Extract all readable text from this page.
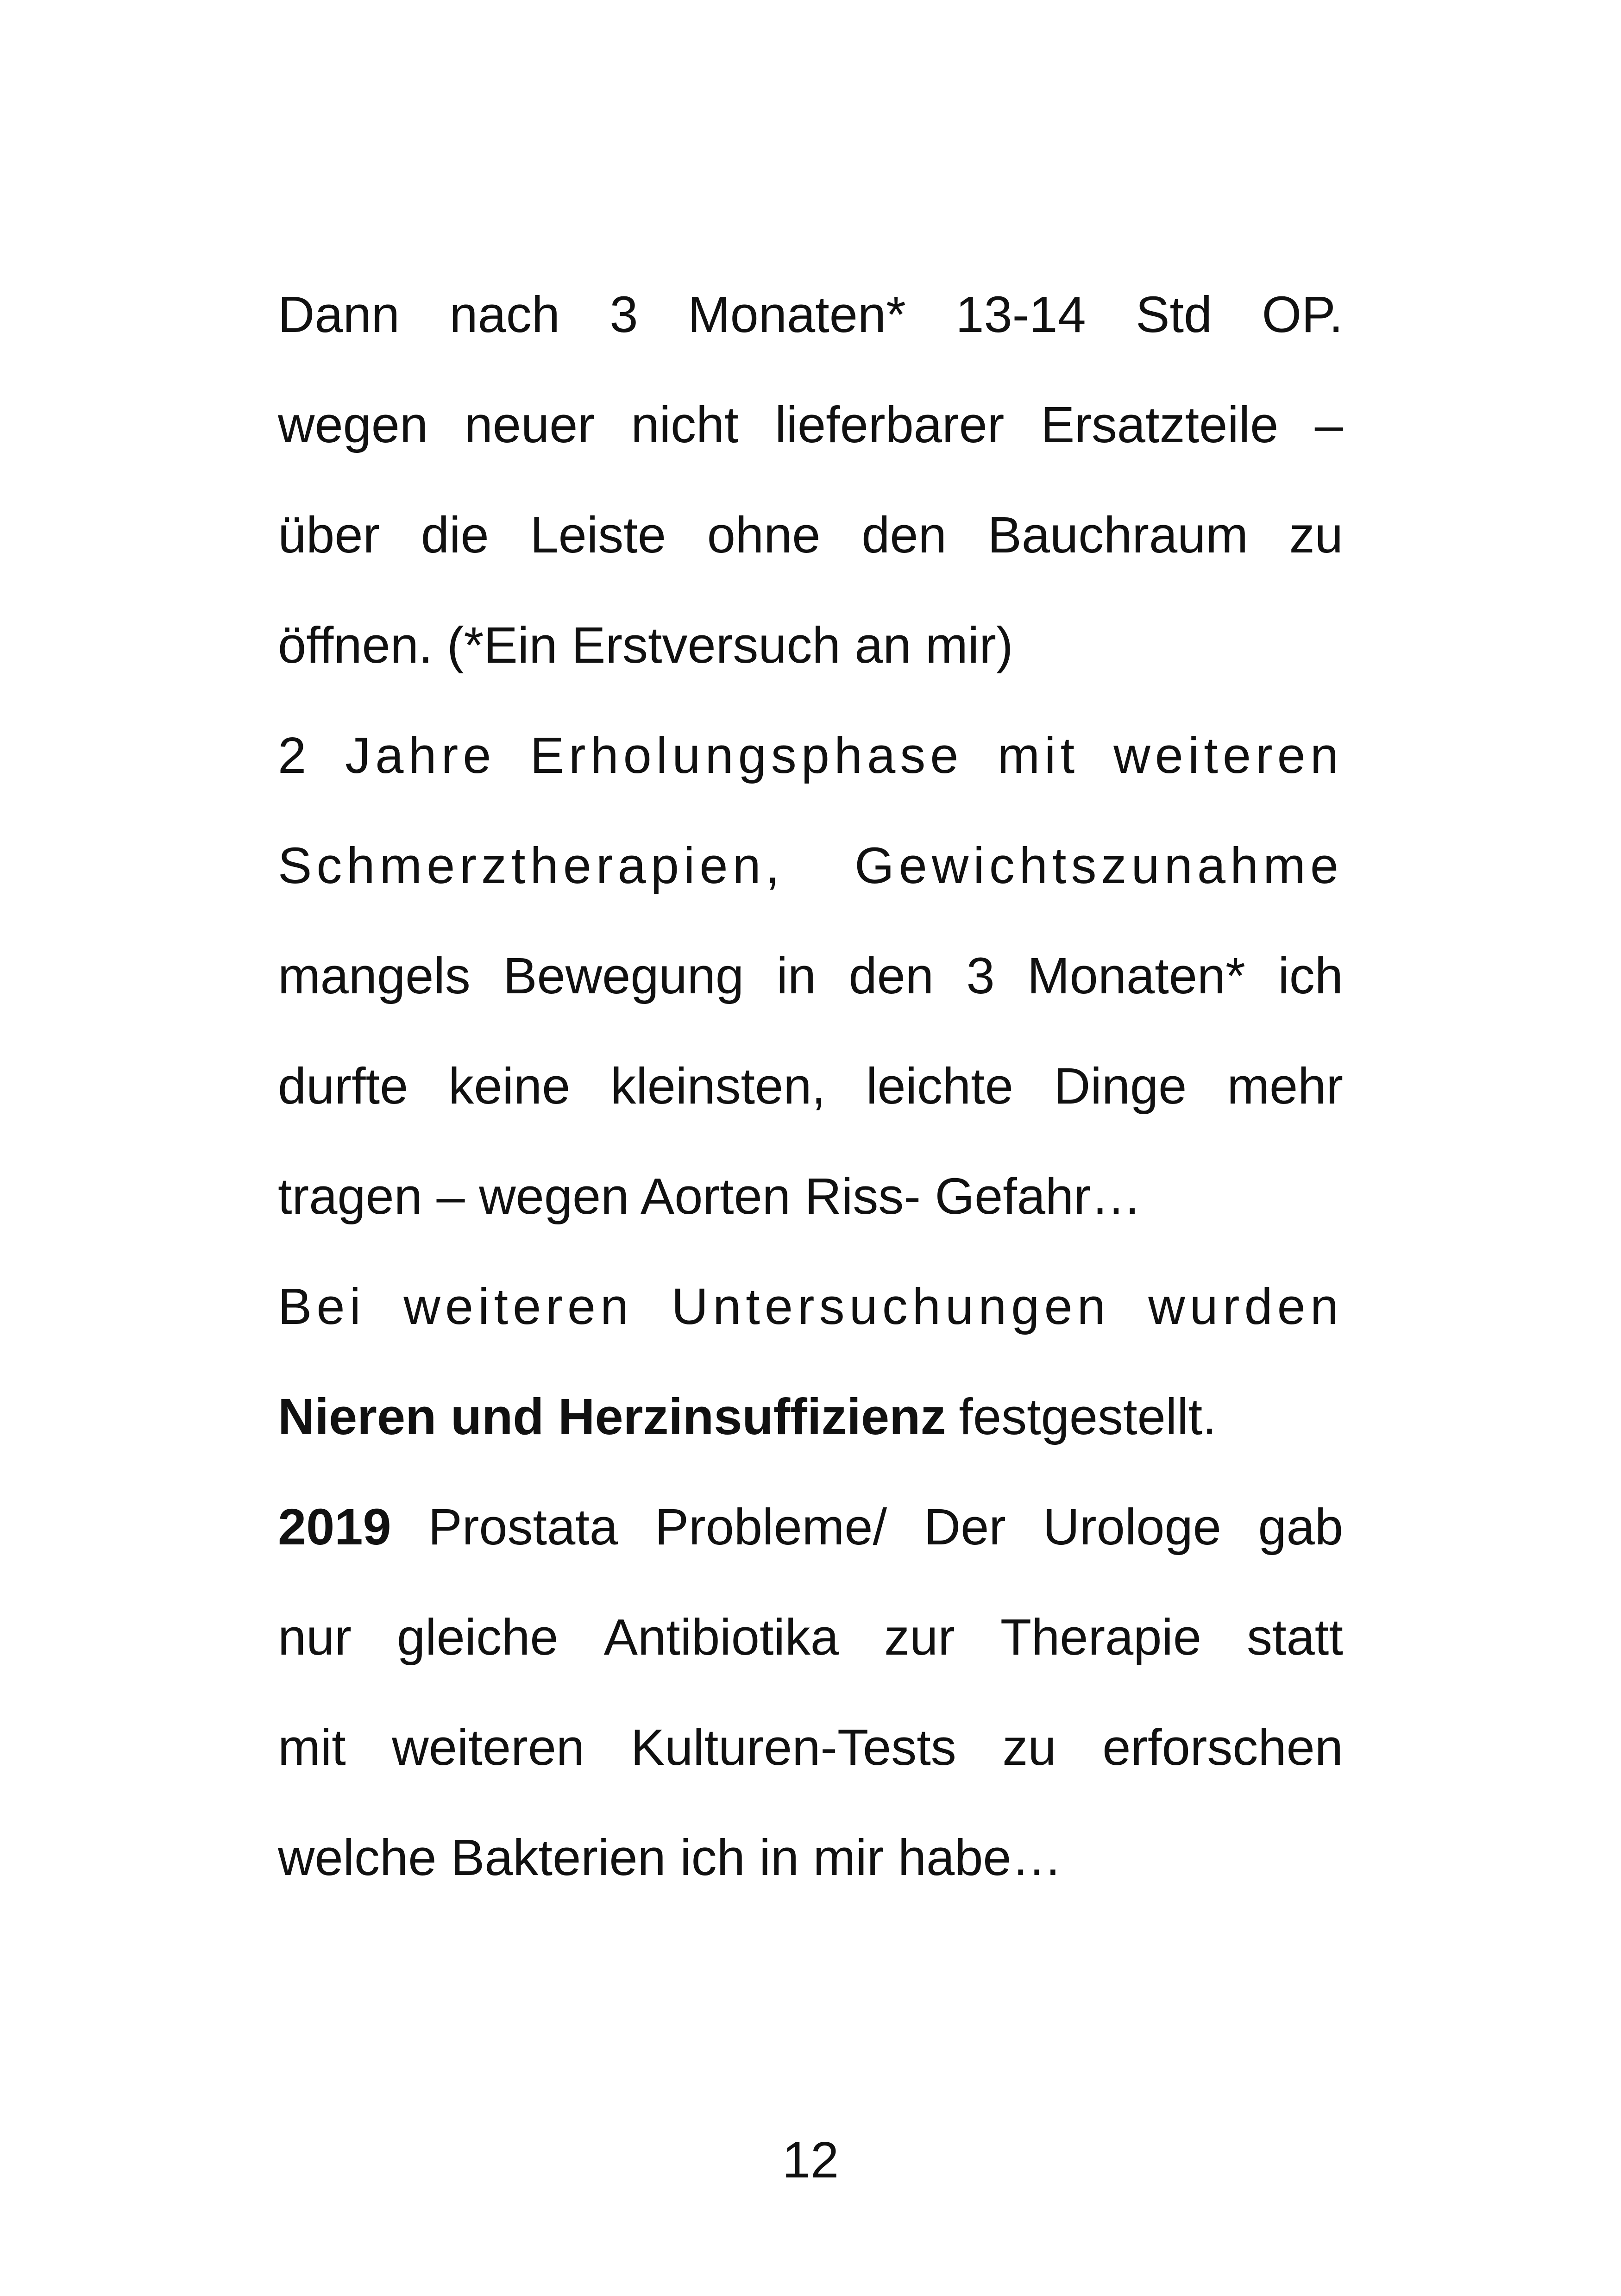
Dann nach 3 Monaten* 13-14 Std OP.
wegen neuer nicht lieferbarer Ersatzteile –
über die Leiste ohne den Bauchraum zu
öffnen. (*Ein Erstversuch an mir)
2 Jahre Erholungsphase mit weiteren
Schmerztherapien, Gewichtszunahme
mangels Bewegung in den 3 Monaten* ich
durfte keine kleinsten, leichte Dinge mehr
tragen – wegen Aorten Riss- Gefahr…
Bei weiteren Untersuchungen wurden
Nieren und Herzinsuffizienz festgestellt.
2019 Prostata Probleme/ Der Urologe gab
nur gleiche Antibiotika zur Therapie statt
mit weiteren Kulturen-Tests zu erforschen
welche Bakterien ich in mir habe…
12
